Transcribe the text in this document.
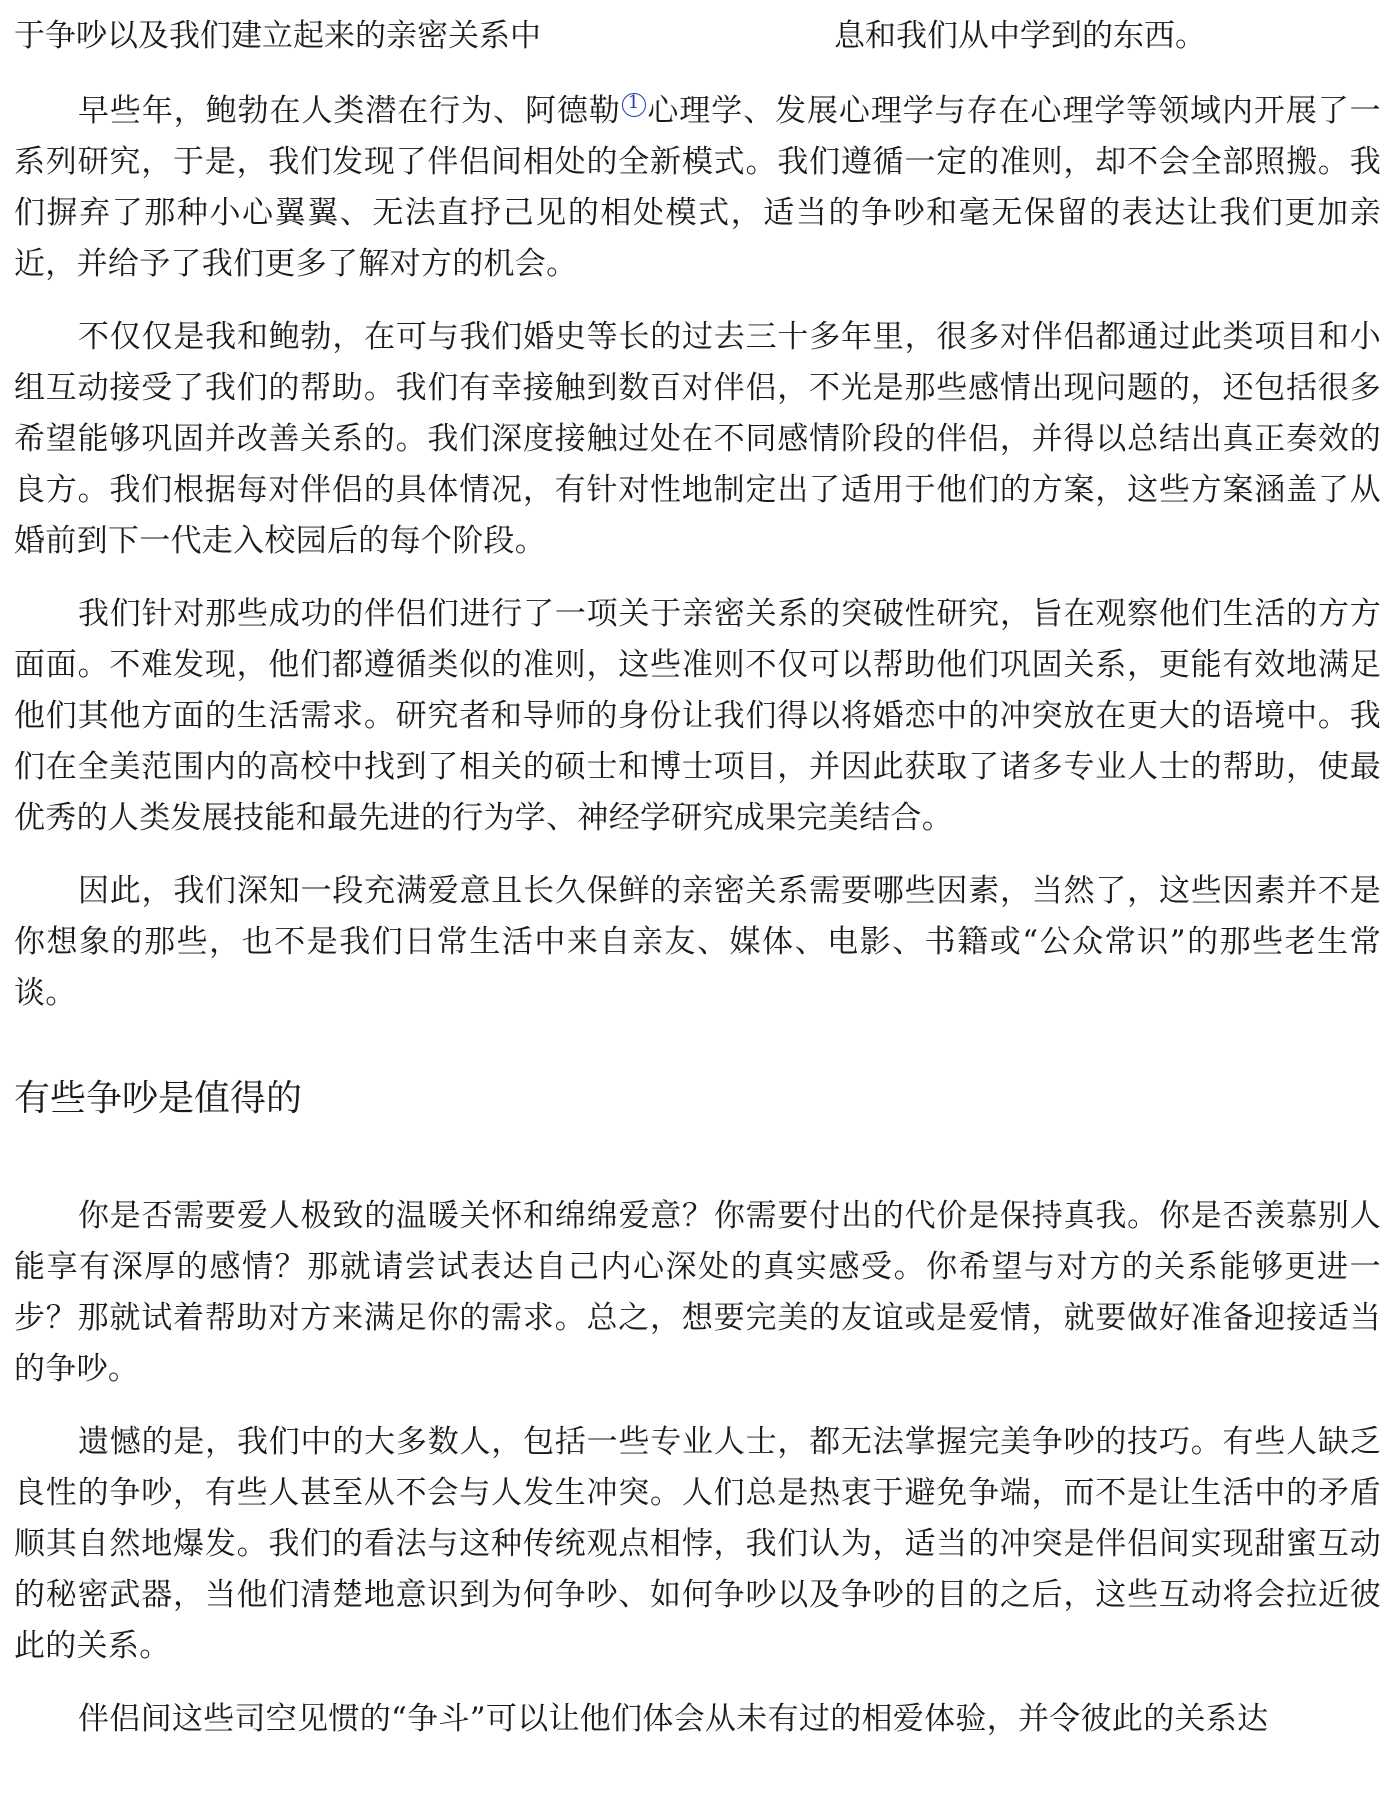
于争吵以及我们建立起来的亲密关系中	息和我们从中学到的东西。

早些年，鲍勃在人类潜在行为、阿德勒 1 心理学、发展心理学与存在心理学等领域内开展了一系列研究，于是，我们发现了伴侣间相处的全新模式。我们遵循一定的准则，却不会全部照搬。我们摒弃了那种小心翼翼、无法直抒己见的相处模式，适当的争吵和毫无保留的表达让我们更加亲近，并给予了我们更多了解对方的机会。

不仅仅是我和鲍勃，在可与我们婚史等长的过去三十多年里，很多对伴侣都通过此类项目和小组互动接受了我们的帮助。我们有幸接触到数百对伴侣，不光是那些感情出现问题的，还包括很多希望能够巩固并改善关系的。我们深度接触过处在不同感情阶段的伴侣，并得以总结出真正奏效的良方。我们根据每对伴侣的具体情况，有针对性地制定出了适用于他们的方案，这些方案涵盖了从婚前到下一代走入校园后的每个阶段。

我们针对那些成功的伴侣们进行了一项关于亲密关系的突破性研究，旨在观察他们生活的方方面面。不难发现，他们都遵循类似的准则，这些准则不仅可以帮助他们巩固关系，更能有效地满足他们其他方面的生活需求。研究者和导师的身份让我们得以将婚恋中的冲突放在更大的语境中。我们在全美范围内的高校中找到了相关的硕士和博士项目，并因此获取了诸多专业人士的帮助，使最优秀的人类发展技能和最先进的行为学、神经学研究成果完美结合。

因此，我们深知一段充满爱意且长久保鲜的亲密关系需要哪些因素，当然了，这些因素并不是你想象的那些，也不是我们日常生活中来自亲友、媒体、电影、书籍或“公众常识”的那些老生常谈。

有些争吵是值得的

你是否需要爱人极致的温暖关怀和绵绵爱意？你需要付出的代价是保持真我。你是否羡慕别人能享有深厚的感情？那就请尝试表达自己内心深处的真实感受。你希望与对方的关系能够更进一步？那就试着帮助对方来满足你的需求。总之，想要完美的友谊或是爱情，就要做好准备迎接适当的争吵。

遗憾的是，我们中的大多数人，包括一些专业人士，都无法掌握完美争吵的技巧。有些人缺乏良性的争吵，有些人甚至从不会与人发生冲突。人们总是热衷于避免争端，而不是让生活中的矛盾顺其自然地爆发。我们的看法与这种传统观点相悖，我们认为，适当的冲突是伴侣间实现甜蜜互动的秘密武器，当他们清楚地意识到为何争吵、如何争吵以及争吵的目的之后，这些互动将会拉近彼此的关系。

伴侣间这些司空见惯的“争斗”可以让他们体会从未有过的相爱体验，并令彼此的关系达
